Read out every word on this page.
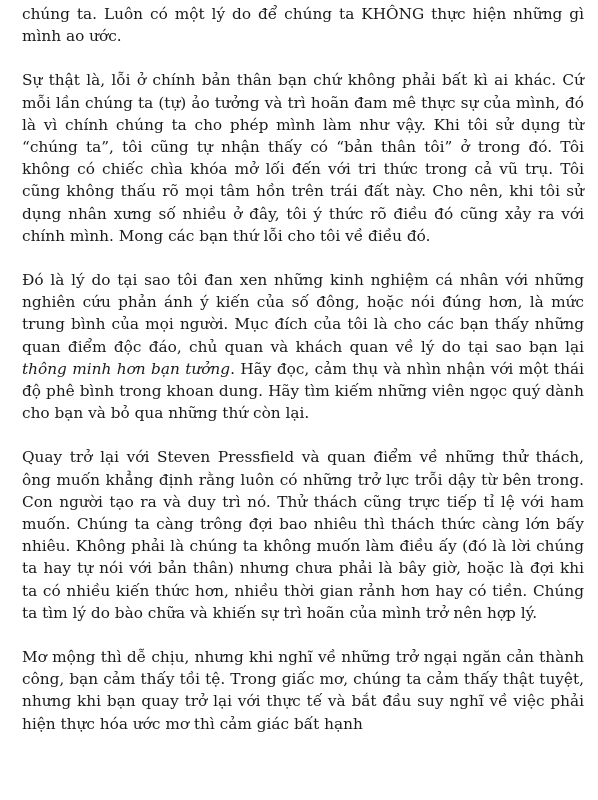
chúng ta. Luôn có một lý do để chúng ta KHÔNG thực hiện những gì mình ao ước.

Sự thật là, lỗi ở chính bản thân bạn chứ không phải bất kì ai khác. Cứ mỗi lần chúng ta (tự) ảo tưởng và trì hoãn đam mê thực sự của mình, đó là vì chính chúng ta cho phép mình làm như vậy. Khi tôi sử dụng từ “chúng ta”, tôi cũng tự nhận thấy có “bản thân tôi” ở trong đó. Tôi không có chiếc chìa khóa mở lối đến với tri thức trong cả vũ trụ. Tôi cũng không thấu rõ mọi tâm hồn trên trái đất này. Cho nên, khi tôi sử dụng nhân xưng số nhiều ở đây, tôi ý thức rõ điều đó cũng xảy ra với chính mình. Mong các bạn thứ lỗi cho tôi về điều đó.

Đó là lý do tại sao tôi đan xen những kinh nghiệm cá nhân với những nghiên cứu phản ánh ý kiến của số đông, hoặc nói đúng hơn, là mức trung bình của mọi người. Mục đích của tôi là cho các bạn thấy những quan điểm độc đáo, chủ quan và khách quan về lý do tại sao bạn lại thông minh hơn bạn tưởng. Hãy đọc, cảm thụ và nhìn nhận với một thái độ phê bình trong khoan dung. Hãy tìm kiếm những viên ngọc quý dành cho bạn và bỏ qua những thứ còn lại.

Quay trở lại với Steven Pressfield và quan điểm về những thử thách, ông muốn khẳng định rằng luôn có những trở lực trỗi dậy từ bên trong. Con người tạo ra và duy trì nó. Thử thách cũng trực tiếp tỉ lệ với ham muốn. Chúng ta càng trông đợi bao nhiêu thì thách thức càng lớn bấy nhiêu. Không phải là chúng ta không muốn làm điều ấy (đó là lời chúng ta hay tự nói với bản thân) nhưng chưa phải là bây giờ, hoặc là đợi khi ta có nhiều kiến thức hơn, nhiều thời gian rảnh hơn hay có tiền. Chúng ta tìm lý do bào chữa và khiến sự trì hoãn của mình trở nên hợp lý.

Mơ mộng thì dễ chịu, nhưng khi nghĩ về những trở ngại ngăn cản thành công, bạn cảm thấy tồi tệ. Trong giấc mơ, chúng ta cảm thấy thật tuyệt, nhưng khi bạn quay trở lại với thực tế và bắt đầu suy nghĩ về việc phải hiện thực hóa ước mơ thì cảm giác bất hạnh
